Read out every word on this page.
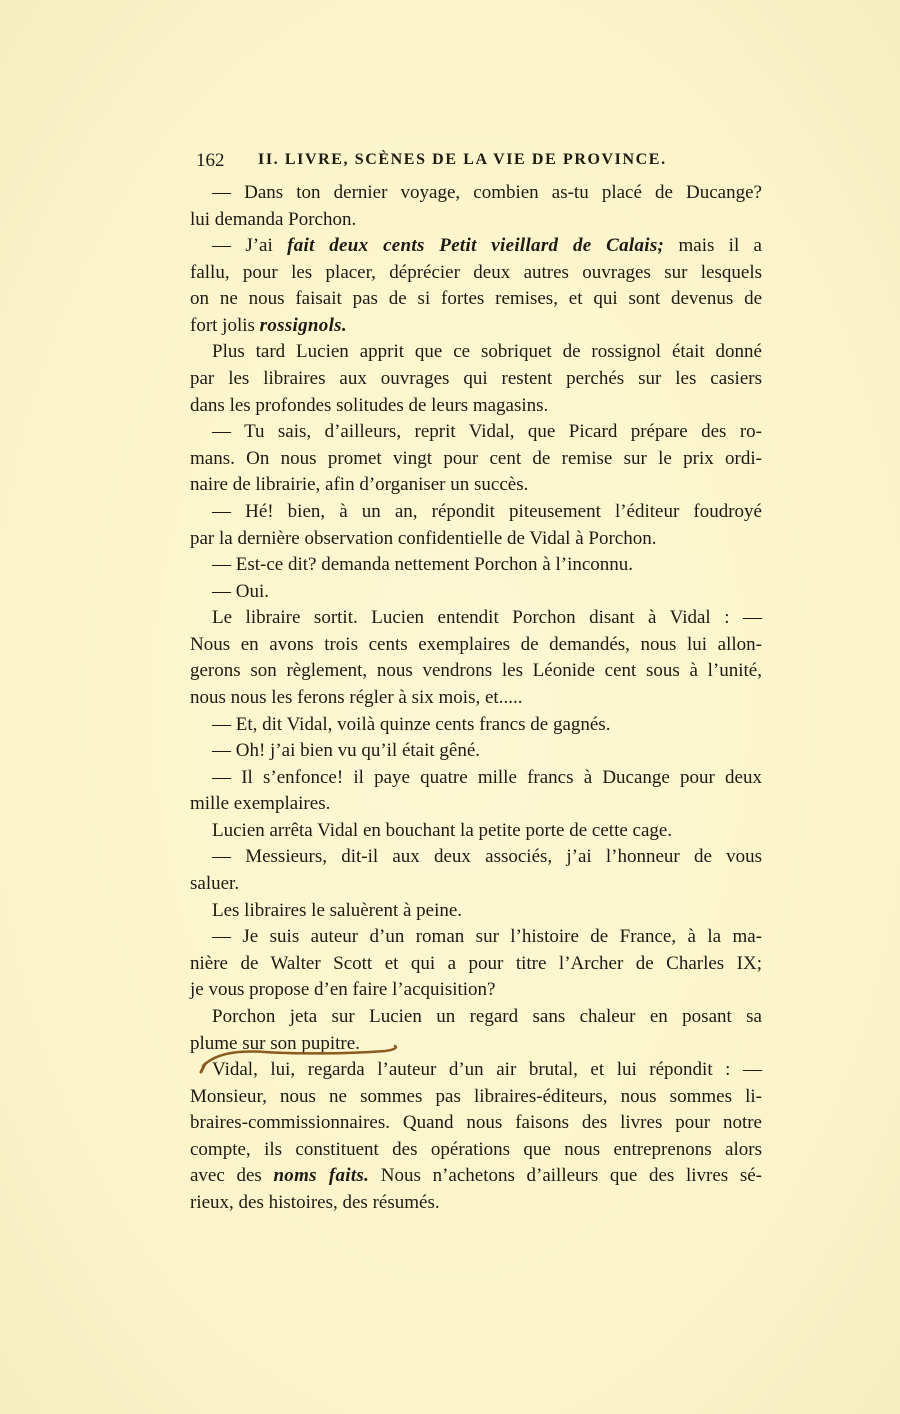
162 II. LIVRE, SCÈNES DE LA VIE DE PROVINCE.
— Dans ton dernier voyage, combien as-tu placé de Ducange?
lui demanda Porchon.
— J’ai fait deux cents Petit vieillard de Calais; mais il a
fallu, pour les placer, déprécier deux autres ouvrages sur lesquels
on ne nous faisait pas de si fortes remises, et qui sont devenus de
fort jolis rossignols.
Plus tard Lucien apprit que ce sobriquet de rossignol était donné
par les libraires aux ouvrages qui restent perchés sur les casiers
dans les profondes solitudes de leurs magasins.
— Tu sais, d’ailleurs, reprit Vidal, que Picard prépare des ro-
mans. On nous promet vingt pour cent de remise sur le prix ordi-
naire de librairie, afin d’organiser un succès.
— Hé! bien, à un an, répondit piteusement l’éditeur foudroyé
par la dernière observation confidentielle de Vidal à Porchon.
— Est-ce dit? demanda nettement Porchon à l’inconnu.
— Oui.
Le libraire sortit. Lucien entendit Porchon disant à Vidal : —
Nous en avons trois cents exemplaires de demandés, nous lui allon-
gerons son règlement, nous vendrons les Léonide cent sous à l’unité,
nous nous les ferons régler à six mois, et.....
— Et, dit Vidal, voilà quinze cents francs de gagnés.
— Oh! j’ai bien vu qu’il était gêné.
— Il s’enfonce! il paye quatre mille francs à Ducange pour deux
mille exemplaires.
Lucien arrêta Vidal en bouchant la petite porte de cette cage.
— Messieurs, dit-il aux deux associés, j’ai l’honneur de vous
saluer.
Les libraires le saluèrent à peine.
— Je suis auteur d’un roman sur l’histoire de France, à la ma-
nière de Walter Scott et qui a pour titre l’Archer de Charles IX;
je vous propose d’en faire l’acquisition?
Porchon jeta sur Lucien un regard sans chaleur en posant sa
plume sur son pupitre.
Vidal, lui, regarda l’auteur d’un air brutal, et lui répondit : —
Monsieur, nous ne sommes pas libraires-éditeurs, nous sommes li-
braires-commissionnaires. Quand nous faisons des livres pour notre
compte, ils constituent des opérations que nous entreprenons alors
avec des noms faits. Nous n’achetons d’ailleurs que des livres sé-
rieux, des histoires, des résumés.
